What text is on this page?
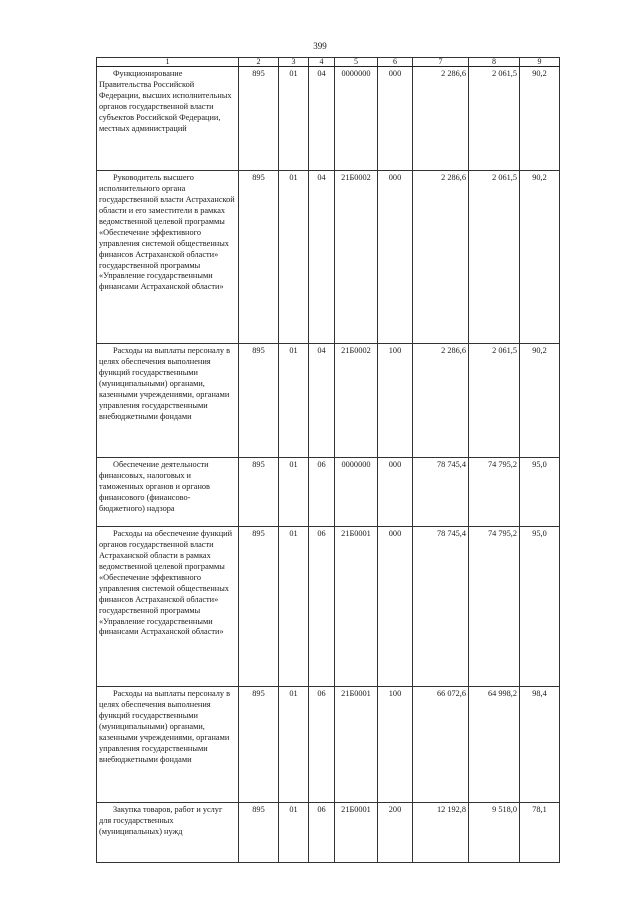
399
1	2	3	4	5	6	7	8	9

Функционирование Правительства Российской Федерации, высших исполнительных органов государственной власти субъектов Российской Федерации, местных администраций	895	01	04	0000000	000	2 286,6	2 061,5	90,2

Руководитель высшего исполнительного органа государственной власти Астраханской области и его заместители в рамках ведомственной целевой программы «Обеспечение эффективного управления системой общественных финансов Астраханской области» государственной программы «Управление государственными финансами Астраханской области»	895	01	04	21Б0002	000	2 286,6	2 061,5	90,2

Расходы на выплаты персоналу в целях обеспечения выполнения функций государственными (муниципальными) органами, казенными учреждениями, органами управления государственными внебюджетными фондами	895	01	04	21Б0002	100	2 286,6	2 061,5	90,2

Обеспечение деятельности финансовых, налоговых и таможенных органов и органов финансового (финансово-бюджетного) надзора	895	01	06	0000000	000	78 745,4	74 795,2	95,0

Расходы на обеспечение функций органов государственной власти Астраханской области в рамках ведомственной целевой программы «Обеспечение эффективного управления системой общественных финансов Астраханской области» государственной программы «Управление государственными финансами Астраханской области»	895	01	06	21Б0001	000	78 745,4	74 795,2	95,0

Расходы на выплаты персоналу в целях обеспечения выполнения функций государственными (муниципальными) органами, казенными учреждениями, органами управления государственными внебюджетными фондами	895	01	06	21Б0001	100	66 072,6	64 998,2	98,4

Закупка товаров, работ и услуг для государственных (муниципальных) нужд	895	01	06	21Б0001	200	12 192,8	9 518,0	78,1
